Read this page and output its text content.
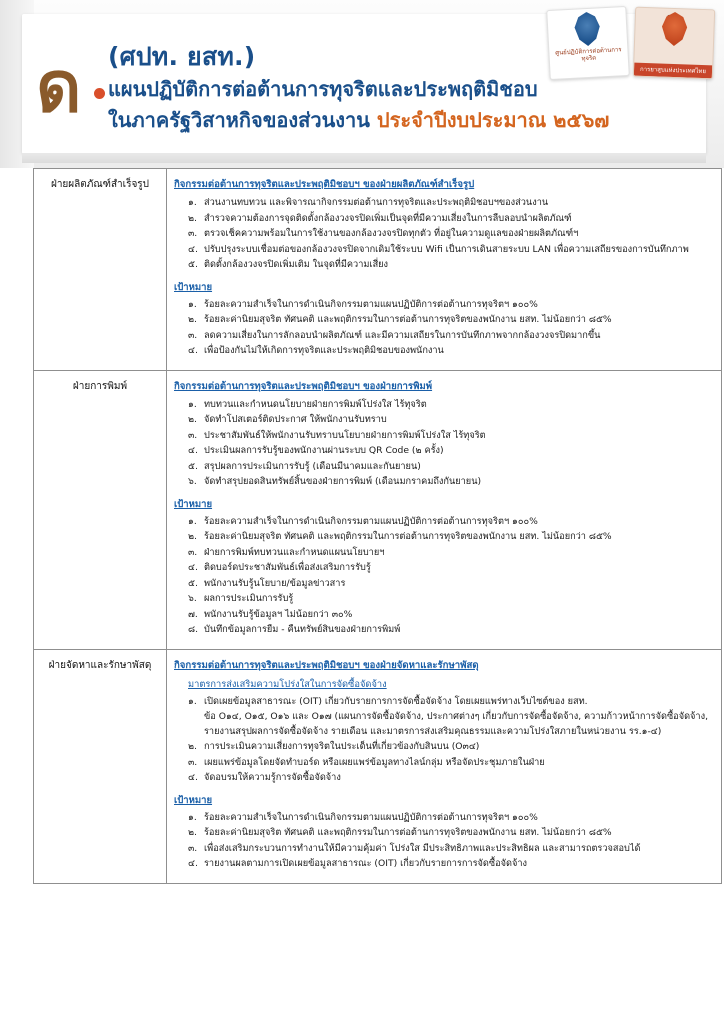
ด	(ศปท. ยสท.)
แผนปฏิบัติการต่อต้านการทุจริตและประพฤติมิชอบ
ในภาครัฐวิสาหกิจของส่วนงาน ประจำปีงบประมาณ ๒๕๖๗
ศูนย์ปฏิบัติการต่อต้านการทุจริต
การยาสูบแห่งประเทศไทย
ฝ่ายผลิตภัณฑ์สำเร็จรูป	กิจกรรมต่อต้านการทุจริตและประพฤติมิชอบฯ ของฝ่ายผลิตภัณฑ์สำเร็จรูป
๑. ส่วนงานทบทวน และพิจารณากิจกรรมต่อต้านการทุจริตและประพฤติมิชอบฯของส่วนงาน
๒. สำรวจความต้องการจุดติดตั้งกล้องวงจรปิดเพิ่มเป็นจุดที่มีความเสี่ยงในการลืบลอบนำผลิตภัณฑ์
๓. ตรวจเช็คความพร้อมในการใช้งานของกล้องวงจรปิดทุกตัว ที่อยู่ในความดูแลของฝ่ายผลิตภัณฑ์ฯ
๔. ปรับปรุงระบบเชื่อมต่อของกล้องวงจรปิดจากเดิมใช้ระบบ Wifi เป็นการเดินสายระบบ LAN เพื่อความเสถียรของการบันทึกภาพ
๕. ติดตั้งกล้องวงจรปิดเพิ่มเติม ในจุดที่มีความเสี่ยง
เป้าหมาย
๑. ร้อยละความสำเร็จในการดำเนินกิจกรรมตามแผนปฏิบัติการต่อต้านการทุจริตฯ ๑๐๐%
๒. ร้อยละค่านิยมสุจริต ทัศนคติ และพฤติกรรมในการต่อต้านการทุจริตของพนักงาน ยสท. ไม่น้อยกว่า ๘๕%
๓. ลดความเสี่ยงในการลักลอบนำผลิตภัณฑ์ และมีความเสถียรในการบันทึกภาพจากกล้องวงจรปิดมากขึ้น
๔. เพื่อป้องกันไม่ให้เกิดการทุจริตและประพฤติมิชอบของพนักงาน

ฝ่ายการพิมพ์	กิจกรรมต่อต้านการทุจริตและประพฤติมิชอบฯ ของฝ่ายการพิมพ์
๑. ทบทวนและกำหนดนโยบายฝ่ายการพิมพ์โปร่งใส ไร้ทุจริต
๒. จัดทำโปสเตอร์ติดประกาศ ให้พนักงานรับทราบ
๓. ประชาสัมพันธ์ให้พนักงานรับทราบนโยบายฝ่ายการพิมพ์โปร่งใส ไร้ทุจริต
๔. ประเมินผลการรับรู้ของพนักงานผ่านระบบ QR Code (๒ ครั้ง)
๕. สรุปผลการประเมินการรับรู้ (เดือนมีนาคมและกันยายน)
๖. จัดทำสรุปยอดสินทรัพย์สิ้นของฝ่ายการพิมพ์ (เดือนมกราคมถึงกันยายน)
เป้าหมาย
๑. ร้อยละความสำเร็จในการดำเนินกิจกรรมตามแผนปฏิบัติการต่อต้านการทุจริตฯ ๑๐๐%
๒. ร้อยละค่านิยมสุจริต ทัศนคติ และพฤติกรรมในการต่อต้านการทุจริตของพนักงาน ยสท. ไม่น้อยกว่า ๘๕%
๓. ฝ่ายการพิมพ์ทบทวนและกำหนดแผนนโยบายฯ
๔. ติดบอร์ดประชาสัมพันธ์เพื่อส่งเสริมการรับรู้
๕. พนักงานรับรู้นโยบาย/ข้อมูลข่าวสาร
๖. ผลการประเมินการรับรู้
๗. พนักงานรับรู้ข้อมูลฯ ไม่น้อยกว่า ๓๐%
๘. บันทึกข้อมูลการยืม - คืนทรัพย์สินของฝ่ายการพิมพ์

ฝ่ายจัดหาและรักษาพัสดุ	กิจกรรมต่อต้านการทุจริตและประพฤติมิชอบฯ ของฝ่ายจัดหาและรักษาพัสดุ
มาตรการส่งเสริมความโปร่งใสในการจัดซื้อจัดจ้าง
๑. เปิดเผยข้อมูลสาธารณะ (OIT) เกี่ยวกับรายการการจัดซื้อจัดจ้าง โดยเผยแพร่ทางเว็บไซต์ของ ยสท.
ข้อ O๑๔, O๑๕, O๑๖ และ O๑๗ (แผนการจัดซื้อจัดจ้าง, ประกาศต่างๆ เกี่ยวกับการจัดซื้อจัดจ้าง, ความก้าวหน้าการจัดซื้อจัดจ้าง, รายงานสรุปผลการจัดซื้อจัดจ้าง รายเดือน และมาตรการส่งเสริมคุณธรรมและความโปร่งใสภายในหน่วยงาน รร.๑-๔)
๒. การประเมินความเสี่ยงการทุจริตในประเด็นที่เกี่ยวข้องกับสินบน (O๓๔)
๓. เผยแพร่ข้อมูลโดยจัดทำบอร์ด หรือเผยแพร่ข้อมูลทางไลน์กลุ่ม หรือจัดประชุมภายในฝ่าย
๔. จัดอบรมให้ความรู้การจัดซื้อจัดจ้าง
เป้าหมาย
๑. ร้อยละความสำเร็จในการดำเนินกิจกรรมตามแผนปฏิบัติการต่อต้านการทุจริตฯ ๑๐๐%
๒. ร้อยละค่านิยมสุจริต ทัศนคติ และพฤติกรรมในการต่อต้านการทุจริตของพนักงาน ยสท. ไม่น้อยกว่า ๘๕%
๓. เพื่อส่งเสริมกระบวนการทำงานให้มีความคุ้มค่า โปร่งใส มีประสิทธิภาพและประสิทธิผล และสามารถตรวจสอบได้
๔. รายงานผลตามการเปิดเผยข้อมูลสาธารณะ (OIT) เกี่ยวกับรายการการจัดซื้อจัดจ้าง
